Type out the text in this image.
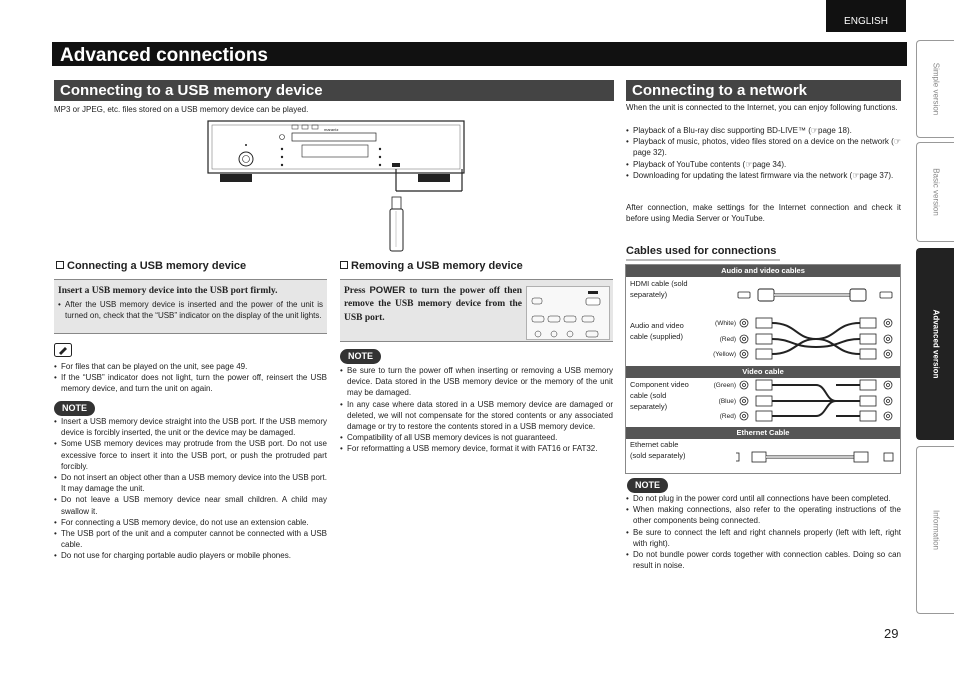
ENGLISH
Advanced connections
Simple version
Basic version
Advanced version
Information
Connecting to a USB memory device
MP3 or JPEG, etc. files stored on a USB memory device can be played.
marantz
Connecting a USB memory device
Insert a USB memory device into the USB port firmly.
• After the USB memory device is inserted and the power of the unit is turned on, check that the “USB” indicator on the display of the unit lights.
• For files that can be played on the unit, see page 49.
• If the “USB” indicator does not light, turn the power off, reinsert the USB memory device, and turn the unit on again.
NOTE
• Insert a USB memory device straight into the USB port. If the USB memory device is forcibly inserted, the unit or the device may be damaged.
• Some USB memory devices may protrude from the USB port. Do not use excessive force to insert it into the USB port, or push the protruded part forcibly.
• Do not insert an object other than a USB memory device into the USB port. It may damage the unit.
• Do not leave a USB memory device near small children. A child may swallow it.
• For connecting a USB memory device, do not use an extension cable.
• The USB port of the unit and a computer cannot be connected with a USB cable.
• Do not use for charging portable audio players or mobile phones.
Removing a USB memory device
Press POWER to turn the power off then remove the USB memory device from the USB port.
NOTE
• Be sure to turn the power off when inserting or removing a USB memory device. Data stored in the USB memory device or the memory of the unit may be damaged.
• In any case where data stored in a USB memory device are damaged or deleted, we will not compensate for the stored contents or any associated damage or try to restore the contents stored in a USB memory device.
• Compatibility of all USB memory devices is not guaranteed.
• For reformatting a USB memory device, format it with FAT16 or FAT32.
Connecting to a network
When the unit is connected to the Internet, you can enjoy following functions.
• Playback of a Blu-ray disc supporting BD-LIVE™ (☞page 18).
• Playback of music, photos, video files stored on a device on the network (☞page 32).
• Playback of YouTube contents (☞page 34).
• Downloading for updating the latest firmware via the network (☞page 37).
After connection, make settings for the Internet connection and check it before using Media Server or YouTube.
Cables used for connections
Audio and video cables
HDMI cable (sold separately)
Audio and video cable (supplied)
(White)
(Red)
(Yellow)
Video cable
Component video cable (sold separately)
(Green)
(Blue)
(Red)
Ethernet Cable
Ethernet cable (sold separately)
NOTE
• Do not plug in the power cord until all connections have been completed.
• When making connections, also refer to the operating instructions of the other components being connected.
• Be sure to connect the left and right channels properly (left with left, right with right).
• Do not bundle power cords together with connection cables. Doing so can result in noise.
29
